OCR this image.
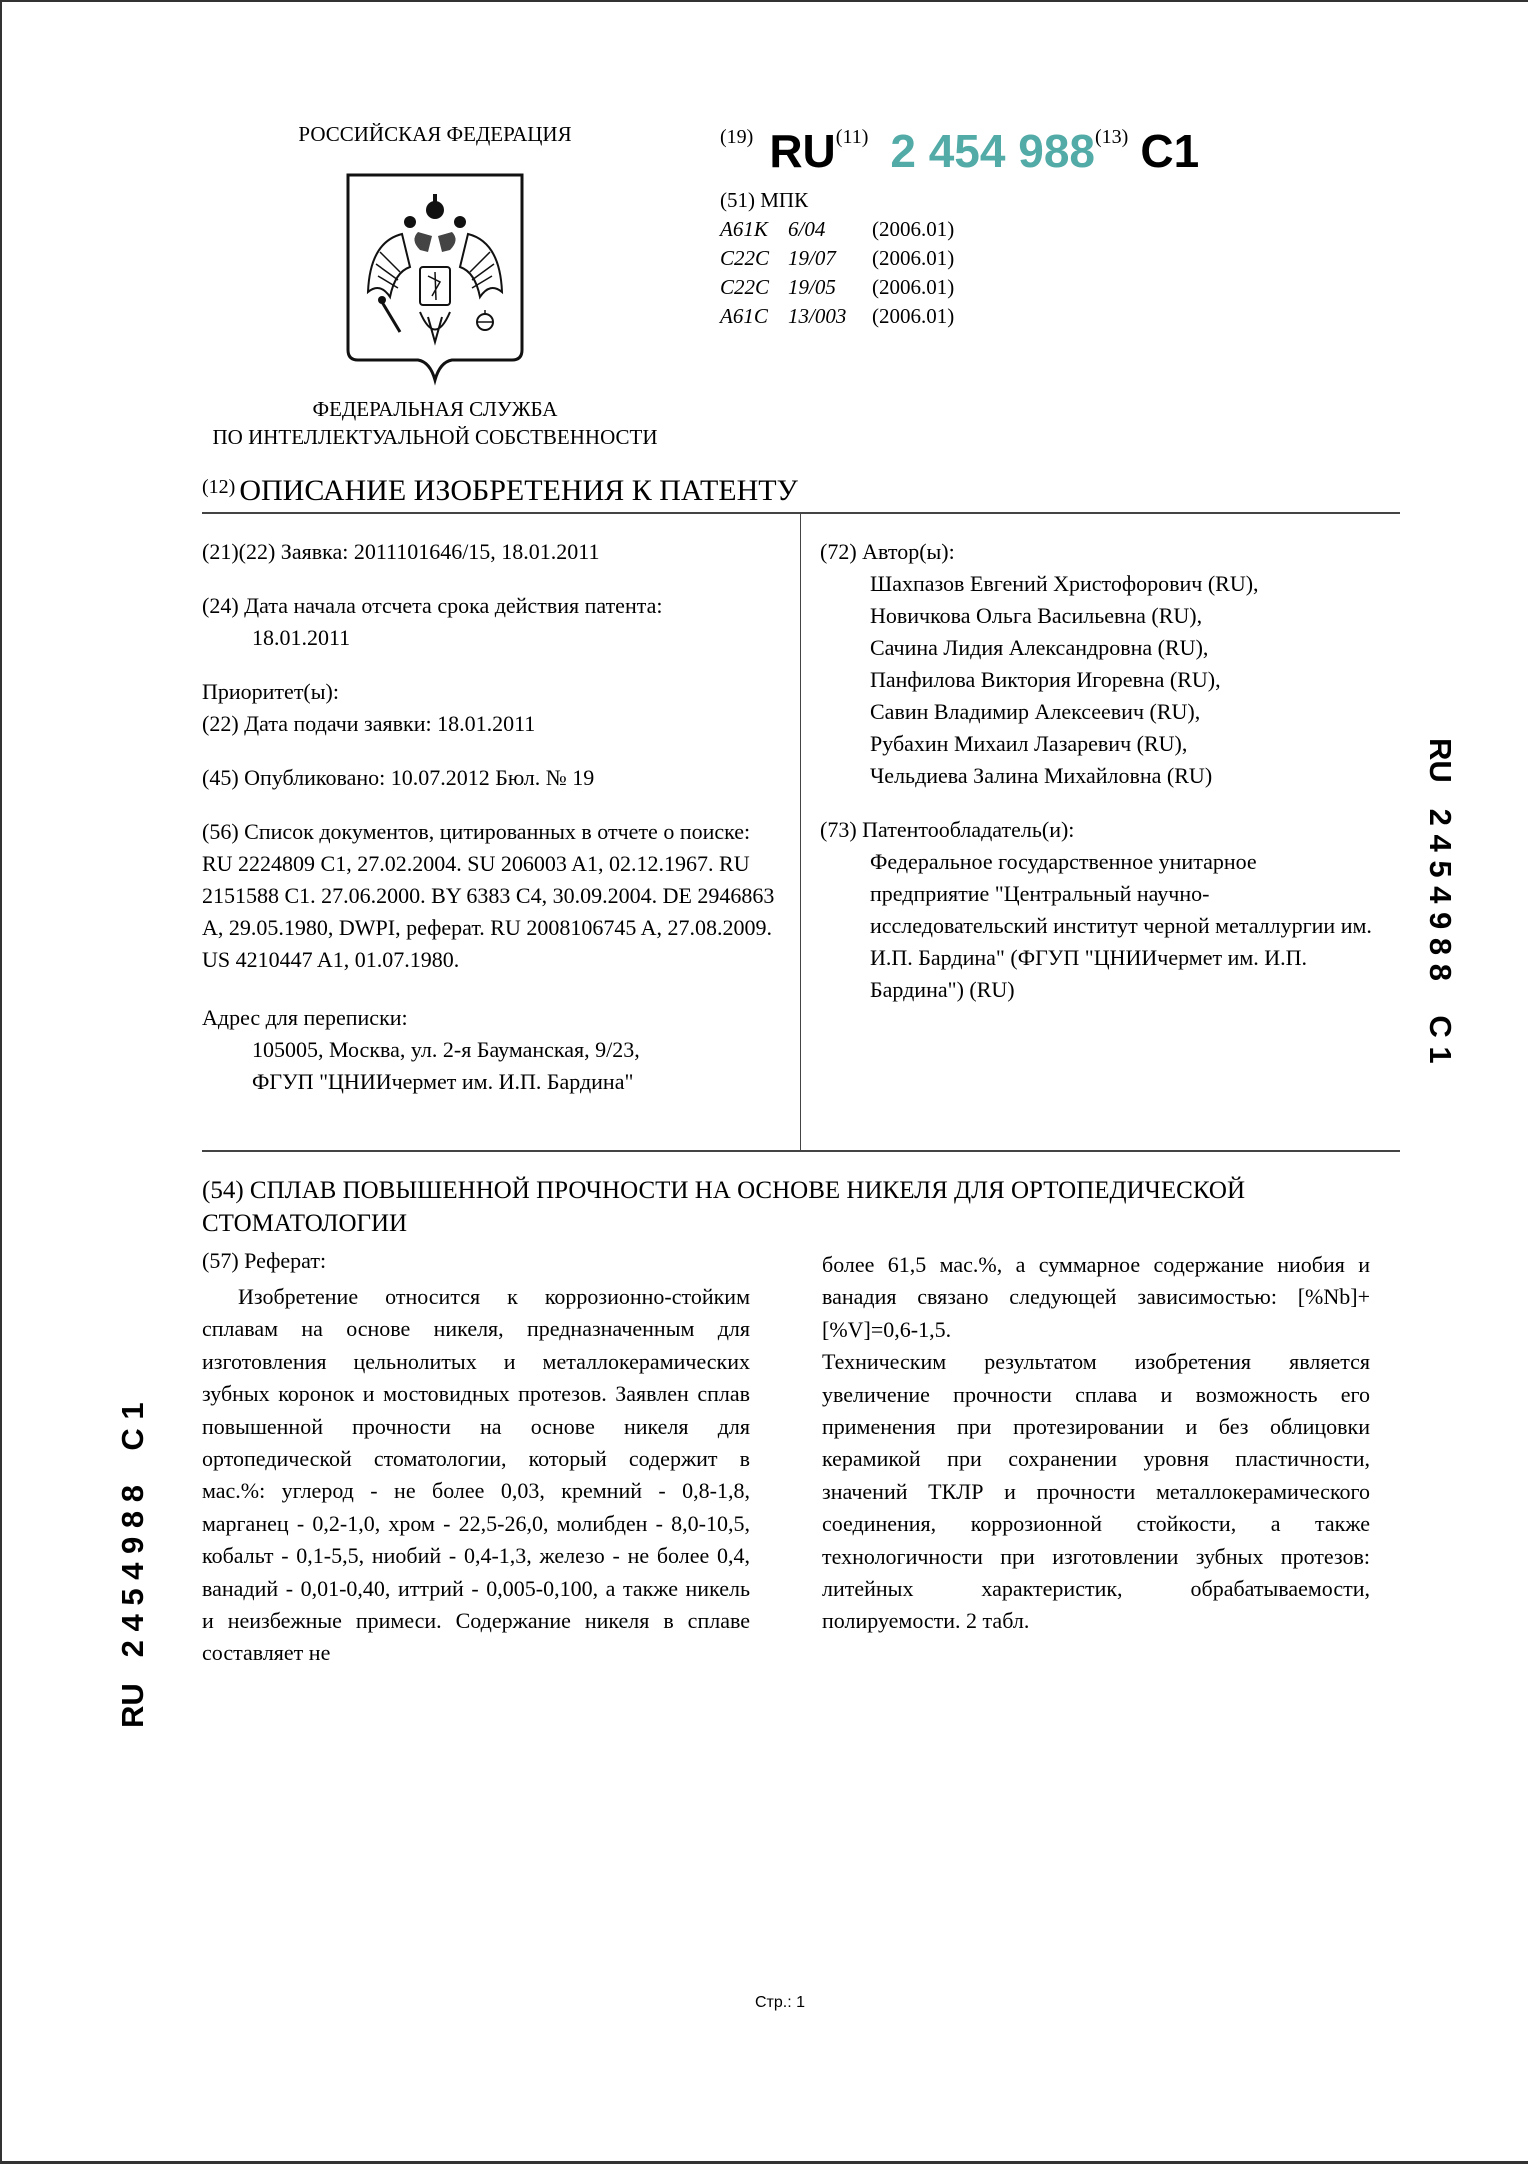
РОССИЙСКАЯ ФЕДЕРАЦИЯ
ФЕДЕРАЛЬНАЯ СЛУЖБА
ПО ИНТЕЛЛЕКТУАЛЬНОЙ СОБСТВЕННОСТИ
(19) RU(11) 2 454 988(13) C1
(51) МПК
A61K 6/04 (2006.01)
C22C 19/07 (2006.01)
C22C 19/05 (2006.01)
A61C 13/003 (2006.01)
$^{(12)}$ ОПИСАНИЕ ИЗОБРЕТЕНИЯ К ПАТЕНТУ
(21)(22) Заявка: 2011101646/15, 18.01.2011
(24) Дата начала отсчета срока действия патента:
18.01.2011
Приоритет(ы):
(22) Дата подачи заявки: 18.01.2011
(45) Опубликовано: 10.07.2012 Бюл. № 19
(56) Список документов, цитированных в отчете о поиске: RU 2224809 C1, 27.02.2004. SU 206003 A1, 02.12.1967. RU 2151588 C1. 27.06.2000. BY 6383 C4, 30.09.2004. DE 2946863 A, 29.05.1980, DWPI, реферат. RU 2008106745 A, 27.08.2009. US 4210447 A1, 01.07.1980.
Адрес для переписки:
105005, Москва, ул. 2-я Бауманская, 9/23,
ФГУП "ЦНИИчермет им. И.П. Бардина"
(72) Автор(ы):
Шахпазов Евгений Христофорович (RU),
Новичкова Ольга Васильевна (RU),
Сачина Лидия Александровна (RU),
Панфилова Виктория Игоревна (RU),
Савин Владимир Алексеевич (RU),
Рубахин Михаил Лазаревич (RU),
Чельдиева Залина Михайловна (RU)
(73) Патентообладатель(и):
Федеральное государственное унитарное предприятие "Центральный научно-исследовательский институт черной металлургии им. И.П. Бардина" (ФГУП "ЦНИИчермет им. И.П. Бардина") (RU)
(54) СПЛАВ ПОВЫШЕННОЙ ПРОЧНОСТИ НА ОСНОВЕ НИКЕЛЯ ДЛЯ ОРТОПЕДИЧЕСКОЙ СТОМАТОЛОГИИ
(57) Реферат:
Изобретение относится к коррозионно-стойким сплавам на основе никеля, предназначенным для изготовления цельнолитых и металлокерамических зубных коронок и мостовидных протезов. Заявлен сплав повышенной прочности на основе никеля для ортопедической стоматологии, который содержит в мас.%: углерод - не более 0,03, кремний - 0,8-1,8, марганец - 0,2-1,0, хром - 22,5-26,0, молибден - 8,0-10,5, кобальт - 0,1-5,5, ниобий - 0,4-1,3, железо - не более 0,4, ванадий - 0,01-0,40, иттрий - 0,005-0,100, а также никель и неизбежные примеси. Содержание никеля в сплаве составляет не

более 61,5 мас.%, а суммарное содержание ниобия и ванадия связано следующей зависимостью: [%Nb]+[%V]=0,6-1,5.

Техническим результатом изобретения является увеличение прочности сплава и возможность его применения при протезировании и без облицовки керамикой при сохранении уровня пластичности, значений ТКЛР и прочности металлокерамического соединения, коррозионной стойкости, а также технологичности при изготовлении зубных протезов: литейных характеристик, обрабатываемости, полируемости. 2 табл.

RU   2 4 5 4 9 8 8    C 1
RU   2 4 5 4 9 8 8    C 1
Стр.: 1
